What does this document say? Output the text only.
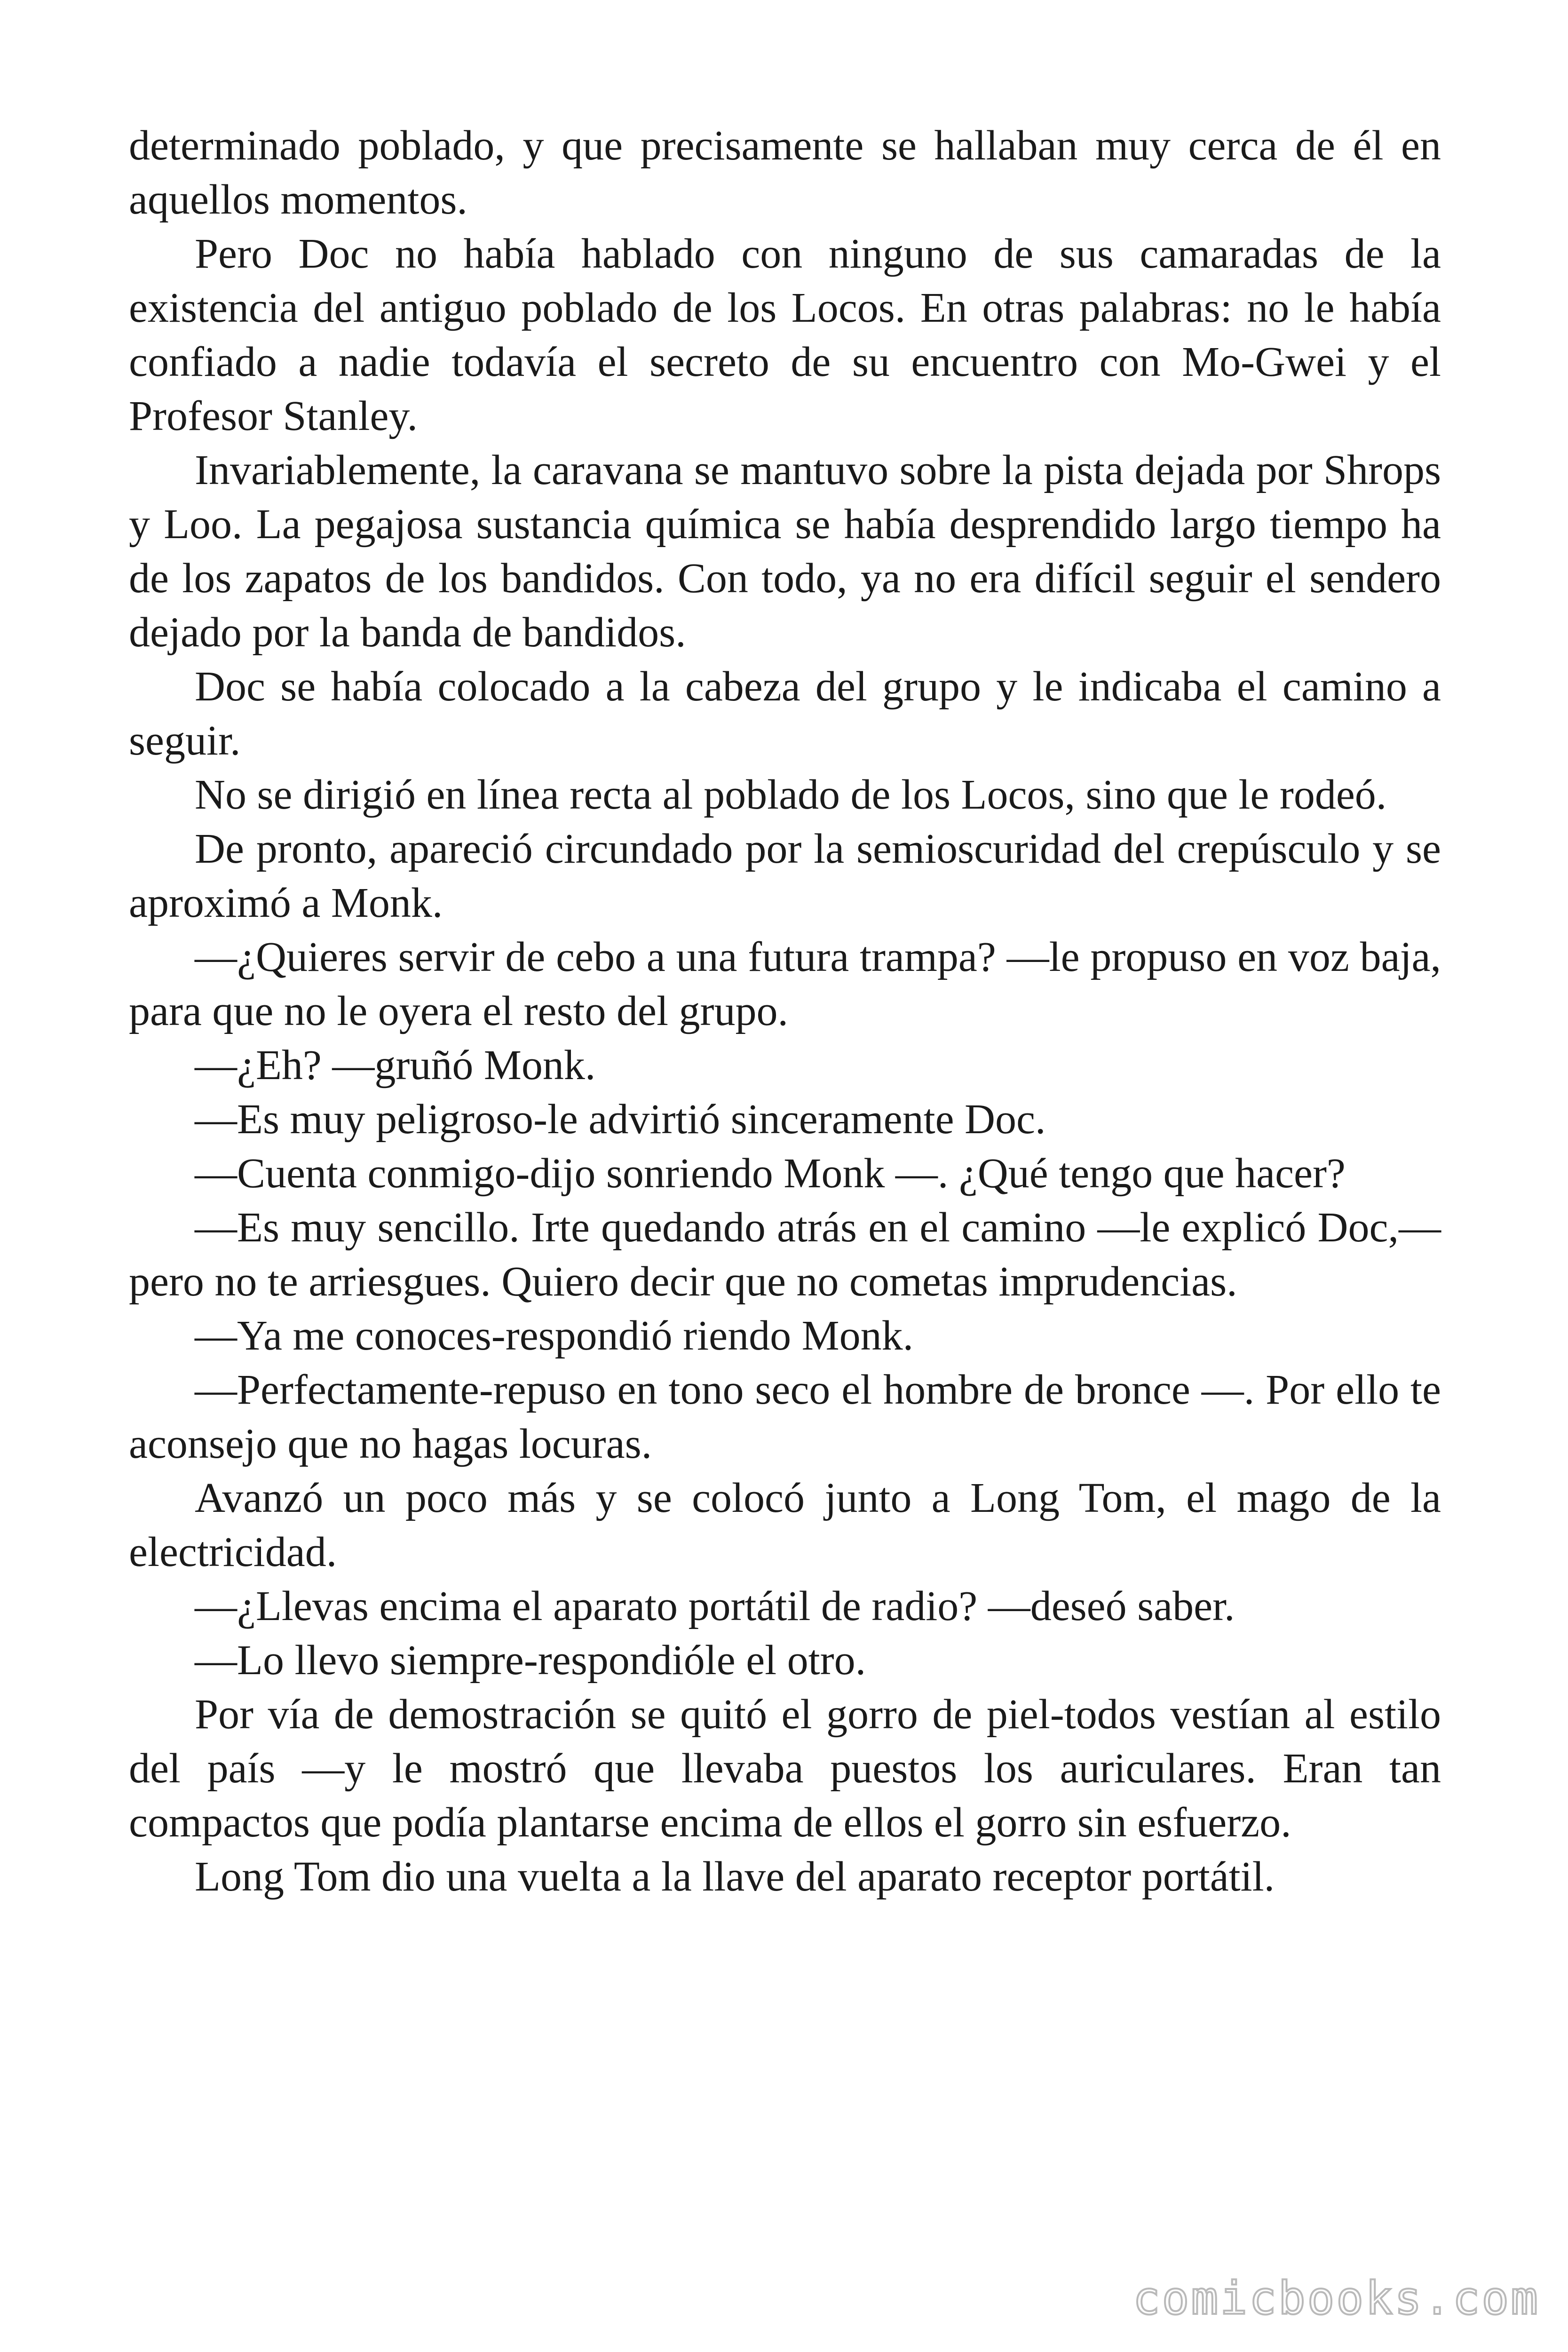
determinado poblado, y que precisamente se hallaban muy cerca de él en aquellos momentos.

Pero Doc no había hablado con ninguno de sus camaradas de la existencia del antiguo poblado de los Locos. En otras palabras: no le había confiado a nadie todavía el secreto de su encuentro con Mo-Gwei y el Profesor Stanley.

Invariablemente, la caravana se mantuvo sobre la pista dejada por Shrops y Loo. La pegajosa sustancia química se había desprendido largo tiempo ha de los zapatos de los bandidos. Con todo, ya no era difícil seguir el sendero dejado por la banda de bandidos.

Doc se había colocado a la cabeza del grupo y le indicaba el camino a seguir.

No se dirigió en línea recta al poblado de los Locos, sino que le rodeó.

De pronto, apareció circundado por la semioscuridad del crepúsculo y se aproximó a Monk.

—¿Quieres servir de cebo a una futura trampa? —le propuso en voz baja, para que no le oyera el resto del grupo.

—¿Eh? —gruñó Monk.

—Es muy peligroso-le advirtió sinceramente Doc.

—Cuenta conmigo-dijo sonriendo Monk —. ¿Qué tengo que hacer?

—Es muy sencillo. Irte quedando atrás en el camino —le explicó Doc,— pero no te arriesgues. Quiero decir que no cometas imprudencias.

—Ya me conoces-respondió riendo Monk.

—Perfectamente-repuso en tono seco el hombre de bronce —. Por ello te aconsejo que no hagas locuras.

Avanzó un poco más y se colocó junto a Long Tom, el mago de la electricidad.

—¿Llevas encima el aparato portátil de radio? —deseó saber.

—Lo llevo siempre-respondióle el otro.

Por vía de demostración se quitó el gorro de piel-todos vestían al estilo del país —y le mostró que llevaba puestos los auriculares. Eran tan compactos que podía plantarse encima de ellos el gorro sin esfuerzo.

Long Tom dio una vuelta a la llave del aparato receptor portátil.

comicbooks.com
